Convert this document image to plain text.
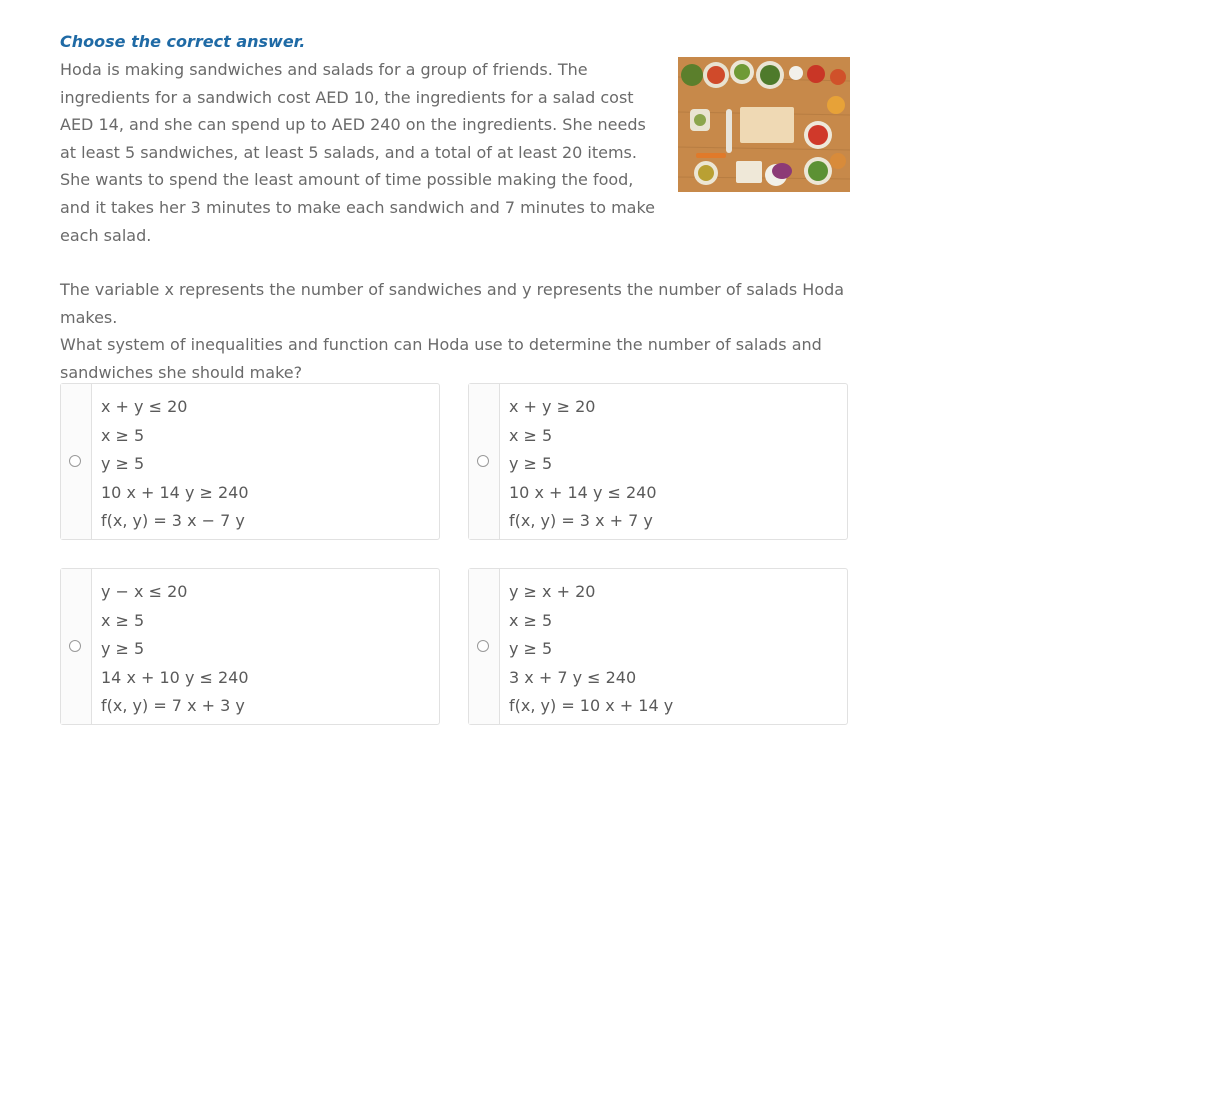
Choose the correct answer.

Hoda is making sandwiches and salads for a group of friends. The ingredients for a sandwich cost AED 10, the ingredients for a salad cost AED 14, and she can spend up to AED 240 on the ingredients. She needs at least 5 sandwiches, at least 5 salads, and a total of at least 20 items. She wants to spend the least amount of time possible making the food, and it takes her 3 minutes to make each sandwich and 7 minutes to make each salad.

The variable x represents the number of sandwiches and y represents the number of salads Hoda makes.

What system of inequalities and function can Hoda use to determine the number of salads and sandwiches she should make?

x + y ≤ 20
x ≥ 5
y ≥ 5
10 x + 14 y ≥ 240
f(x, y) = 3 x − 7 y
x + y ≥ 20
x ≥ 5
y ≥ 5
10 x + 14 y ≤ 240
f(x, y) = 3 x + 7 y
y − x ≤ 20
x ≥ 5
y ≥ 5
14 x + 10 y ≤ 240
f(x, y) = 7 x + 3 y
y ≥ x + 20
x ≥ 5
y ≥ 5
3 x + 7 y ≤ 240
f(x, y) = 10 x + 14 y
